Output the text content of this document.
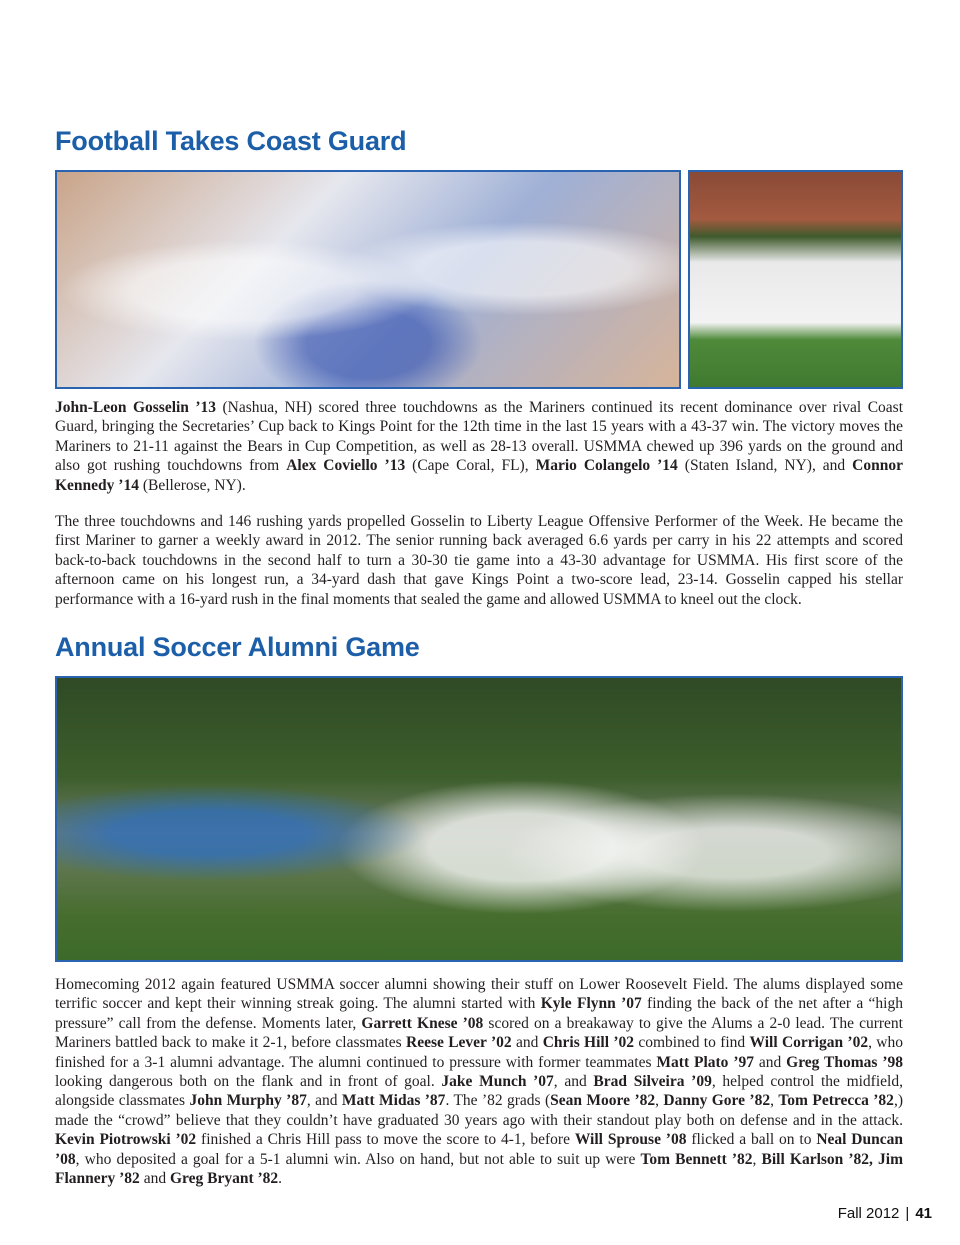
Football Takes Coast Guard

John-Leon Gosselin ’13 (Nashua, NH) scored three touchdowns as the Mariners continued its recent dominance over rival Coast Guard, bringing the Secretaries’ Cup back to Kings Point for the 12th time in the last 15 years with a 43-37 win. The victory moves the Mariners to 21-11 against the Bears in Cup Competition, as well as 28-13 overall. USMMA chewed up 396 yards on the ground and also got rushing touchdowns from Alex Coviello ’13 (Cape Coral, FL), Mario Colangelo ’14 (Staten Island, NY), and Connor Kennedy ’14 (Bellerose, NY).

The three touchdowns and 146 rushing yards propelled Gosselin to Liberty League Offensive Performer of the Week. He became the first Mariner to garner a weekly award in 2012. The senior running back averaged 6.6 yards per carry in his 22 attempts and scored back-to-back touchdowns in the second half to turn a 30-30 tie game into a 43-30 advantage for USMMA. His first score of the afternoon came on his longest run, a 34-yard dash that gave Kings Point a two-score lead, 23-14. Gosselin capped his stellar performance with a 16-yard rush in the final moments that sealed the game and allowed USMMA to kneel out the clock.

Annual Soccer Alumni Game

Homecoming 2012 again featured USMMA soccer alumni showing their stuff on Lower Roosevelt Field. The alums displayed some terrific soccer and kept their winning streak going. The alumni started with Kyle Flynn ’07 finding the back of the net after a “high pressure” call from the defense. Moments later, Garrett Knese ’08 scored on a breakaway to give the Alums a 2-0 lead. The current Mariners battled back to make it 2-1, before classmates Reese Lever ’02 and Chris Hill ’02 combined to find Will Corrigan ’02, who finished for a 3-1 alumni advantage. The alumni continued to pressure with former teammates Matt Plato ’97 and Greg Thomas ’98 looking dangerous both on the flank and in front of goal. Jake Munch ’07, and Brad Silveira ’09, helped control the midfield, alongside classmates John Murphy ’87, and Matt Midas ’87. The ’82 grads (Sean Moore ’82, Danny Gore ’82, Tom Petrecca ’82,) made the “crowd” believe that they couldn’t have graduated 30 years ago with their standout play both on defense and in the attack. Kevin Piotrowski ’02 finished a Chris Hill pass to move the score to 4-1, before Will Sprouse ’08 flicked a ball on to Neal Duncan ’08, who deposited a goal for a 5-1 alumni win. Also on hand, but not able to suit up were Tom Bennett ’82, Bill Karlson ’82, Jim Flannery ’82 and Greg Bryant ’82.

Fall 2012 | 41
